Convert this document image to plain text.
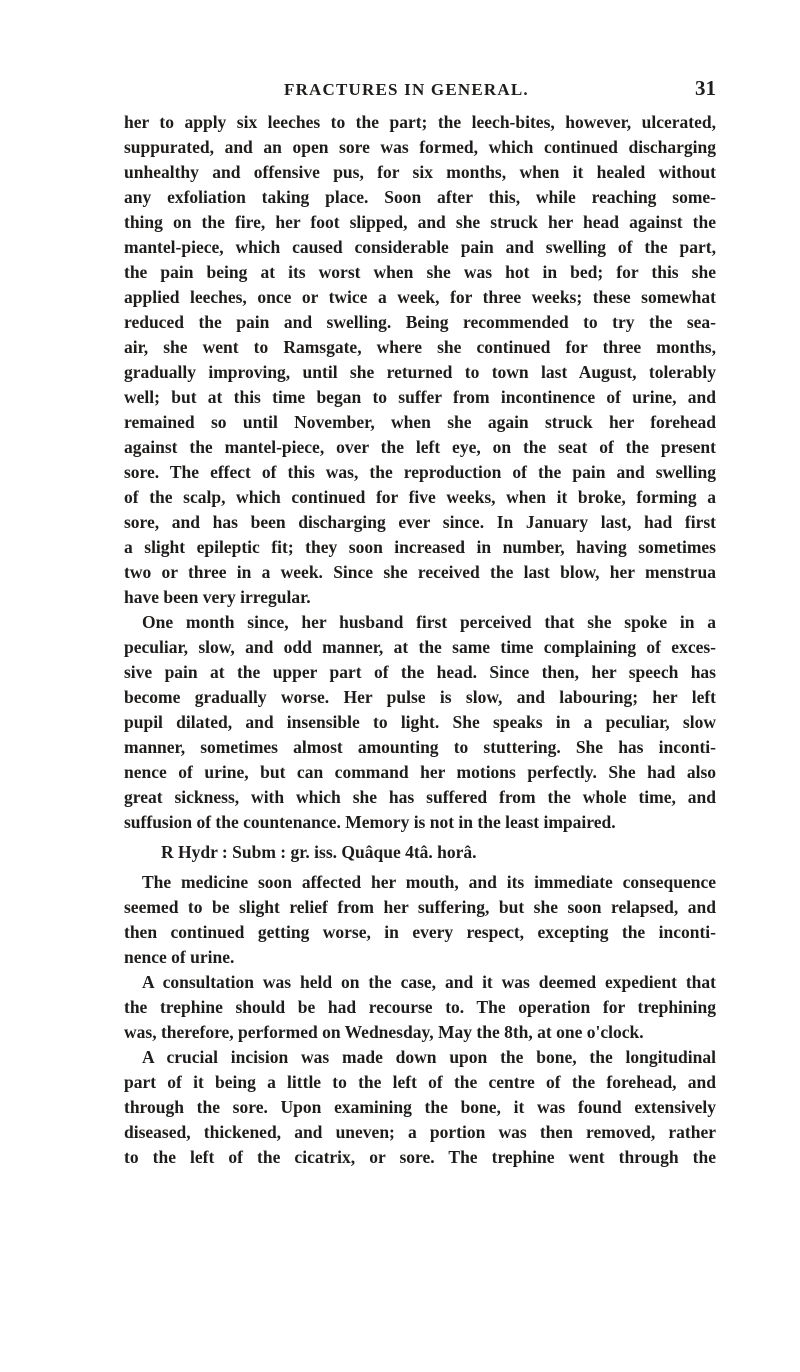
FRACTURES IN GENERAL.	31
her to apply six leeches to the part; the leech-bites, however, ulcerated,
suppurated, and an open sore was formed, which continued discharging
unhealthy and offensive pus, for six months, when it healed without
any exfoliation taking place. Soon after this, while reaching some-
thing on the fire, her foot slipped, and she struck her head against the
mantel-piece, which caused considerable pain and swelling of the part,
the pain being at its worst when she was hot in bed; for this she
applied leeches, once or twice a week, for three weeks; these somewhat
reduced the pain and swelling. Being recommended to try the sea-
air, she went to Ramsgate, where she continued for three months,
gradually improving, until she returned to town last August, tolerably
well; but at this time began to suffer from incontinence of urine, and
remained so until November, when she again struck her forehead
against the mantel-piece, over the left eye, on the seat of the present
sore. The effect of this was, the reproduction of the pain and swelling
of the scalp, which continued for five weeks, when it broke, forming a
sore, and has been discharging ever since. In January last, had first
a slight epileptic fit; they soon increased in number, having sometimes
two or three in a week. Since she received the last blow, her menstrua
have been very irregular.
One month since, her husband first perceived that she spoke in a
peculiar, slow, and odd manner, at the same time complaining of exces-
sive pain at the upper part of the head. Since then, her speech has
become gradually worse. Her pulse is slow, and labouring; her left
pupil dilated, and insensible to light. She speaks in a peculiar, slow
manner, sometimes almost amounting to stuttering. She has inconti-
nence of urine, but can command her motions perfectly. She had also
great sickness, with which she has suffered from the whole time, and
suffusion of the countenance. Memory is not in the least impaired.
R Hydr : Subm : gr. iss. Quâque 4tâ. horâ.
The medicine soon affected her mouth, and its immediate consequence
seemed to be slight relief from her suffering, but she soon relapsed, and
then continued getting worse, in every respect, excepting the inconti-
nence of urine.
A consultation was held on the case, and it was deemed expedient that
the trephine should be had recourse to. The operation for trephining
was, therefore, performed on Wednesday, May the 8th, at one o'clock.
A crucial incision was made down upon the bone, the longitudinal
part of it being a little to the left of the centre of the forehead, and
through the sore. Upon examining the bone, it was found extensively
diseased, thickened, and uneven; a portion was then removed, rather
to the left of the cicatrix, or sore. The trephine went through the
